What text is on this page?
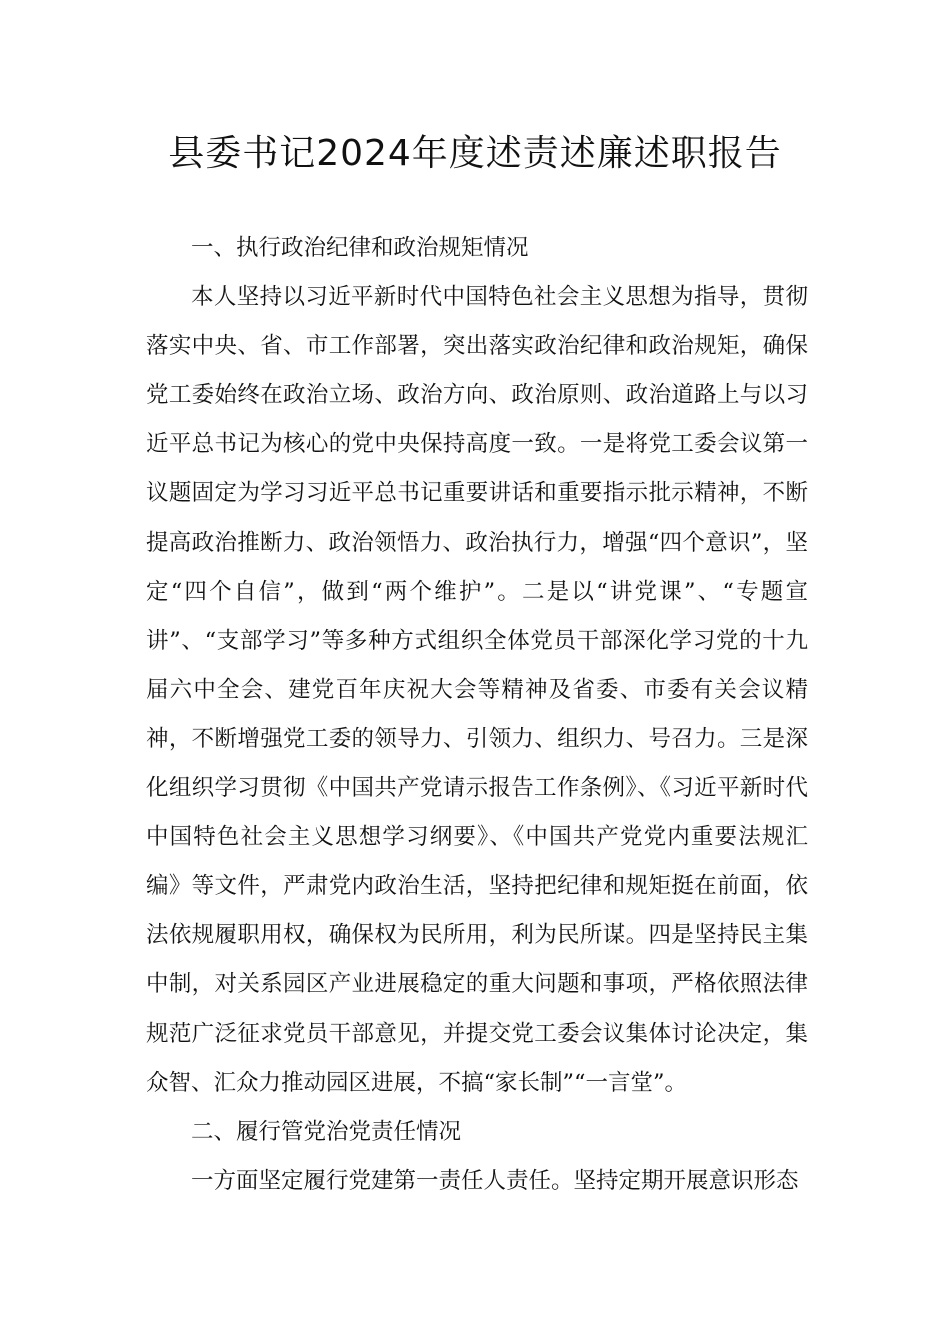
县委书记2024年度述责述廉述职报告

一、执行政治纪律和政治规矩情况

本人坚持以习近平新时代中国特色社会主义思想为指导，贯彻落实中央、省、市工作部署，突出落实政治纪律和政治规矩，确保党工委始终在政治立场、政治方向、政治原则、政治道路上与以习近平总书记为核心的党中央保持高度一致。一是将党工委会议第一议题固定为学习习近平总书记重要讲话和重要指示批示精神，不断提高政治推断力、政治领悟力、政治执行力，增强“四个意识”，坚定“四个自信”，做到“两个维护”。二是以“讲党课”、“专题宣讲”、“支部学习”等多种方式组织全体党员干部深化学习党的十九届六中全会、建党百年庆祝大会等精神及省委、市委有关会议精神，不断增强党工委的领导力、引领力、组织力、号召力。三是深化组织学习贯彻《中国共产党请示报告工作条例》、《习近平新时代中国特色社会主义思想学习纲要》、《中国共产党党内重要法规汇编》等文件，严肃党内政治生活，坚持把纪律和规矩挺在前面，依法依规履职用权，确保权为民所用，利为民所谋。四是坚持民主集中制，对关系园区产业进展稳定的重大问题和事项，严格依照法律规范广泛征求党员干部意见，并提交党工委会议集体讨论决定，集众智、汇众力推动园区进展，不搞“家长制”“一言堂”。

二、履行管党治党责任情况

一方面坚定履行党建第一责任人责任。坚持定期开展意识形态
